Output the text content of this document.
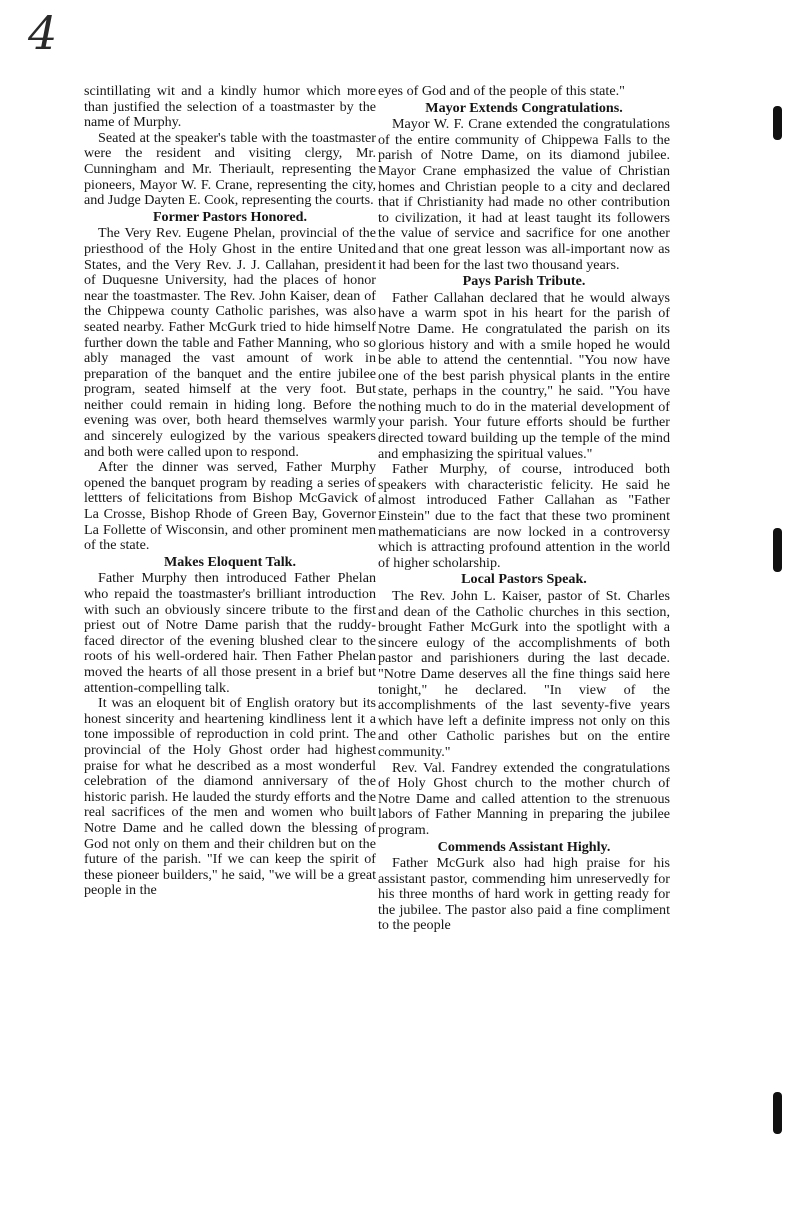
4

scintillating wit and a kindly humor which more than justified the selection of a toastmaster by the name of Murphy.

Seated at the speaker's table with the toastmaster were the resident and visiting clergy, Mr. Cunningham and Mr. Theriault, representing the pioneers, Mayor W. F. Crane, representing the city, and Judge Dayten E. Cook, representing the courts.

Former Pastors Honored.

The Very Rev. Eugene Phelan, provincial of the priesthood of the Holy Ghost in the entire United States, and the Very Rev. J. J. Callahan, president of Duquesne University, had the places of honor near the toastmaster. The Rev. John Kaiser, dean of the Chippewa county Catholic parishes, was also seated nearby. Father McGurk tried to hide himself further down the table and Father Manning, who so ably managed the vast amount of work in preparation of the banquet and the entire jubilee program, seated himself at the very foot. But neither could remain in hiding long. Before the evening was over, both heard themselves warmly and sincerely eulogized by the various speakers and both were called upon to respond.

After the dinner was served, Father Murphy opened the banquet program by reading a series of lettters of felicitations from Bishop McGavick of La Crosse, Bishop Rhode of Green Bay, Governor La Follette of Wisconsin, and other prominent men of the state.

Makes Eloquent Talk.

Father Murphy then introduced Father Phelan who repaid the toastmaster's brilliant introduction with such an obviously sincere tribute to the first priest out of Notre Dame parish that the ruddy-faced director of the evening blushed clear to the roots of his well-ordered hair. Then Father Phelan moved the hearts of all those present in a brief but attention-compelling talk.

It was an eloquent bit of English oratory but its honest sincerity and heartening kindliness lent it a tone impossible of reproduction in cold print. The provincial of the Holy Ghost order had highest praise for what he described as a most wonderful celebration of the diamond anniversary of the historic parish. He lauded the sturdy efforts and the real sacrifices of the men and women who built Notre Dame and he called down the blessing of God not only on them and their children but on the future of the parish. "If we can keep the spirit of these pioneer builders," he said, "we will be a great people in the

eyes of God and of the people of this state."

Mayor Extends Congratulations.

Mayor W. F. Crane extended the congratulations of the entire community of Chippewa Falls to the parish of Notre Dame, on its diamond jubilee. Mayor Crane emphasized the value of Christian homes and Christian people to a city and declared that if Christianity had made no other contribution to civilization, it had at least taught its followers the value of service and sacrifice for one another and that one great lesson was all-important now as it had been for the last two thousand years.

Pays Parish Tribute.

Father Callahan declared that he would always have a warm spot in his heart for the parish of Notre Dame. He congratulated the parish on its glorious history and with a smile hoped he would be able to attend the centenntial. "You now have one of the best parish physical plants in the entire state, perhaps in the country," he said. "You have nothing much to do in the material development of your parish. Your future efforts should be further directed toward building up the temple of the mind and emphasizing the spiritual values."

Father Murphy, of course, introduced both speakers with characteristic felicity. He said he almost introduced Father Callahan as "Father Einstein" due to the fact that these two prominent mathematicians are now locked in a controversy which is attracting profound attention in the world of higher scholarship.

Local Pastors Speak.

The Rev. John L. Kaiser, pastor of St. Charles and dean of the Catholic churches in this section, brought Father McGurk into the spotlight with a sincere eulogy of the accomplishments of both pastor and parishioners during the last decade. "Notre Dame deserves all the fine things said here tonight," he declared. "In view of the accomplishments of the last seventy-five years which have left a definite impress not only on this and other Catholic parishes but on the entire community."

Rev. Val. Fandrey extended the congratulations of Holy Ghost church to the mother church of Notre Dame and called attention to the strenuous labors of Father Manning in preparing the jubilee program.

Commends Assistant Highly.

Father McGurk also had high praise for his assistant pastor, commending him unreservedly for his three months of hard work in getting ready for the jubilee. The pastor also paid a fine compliment to the people
